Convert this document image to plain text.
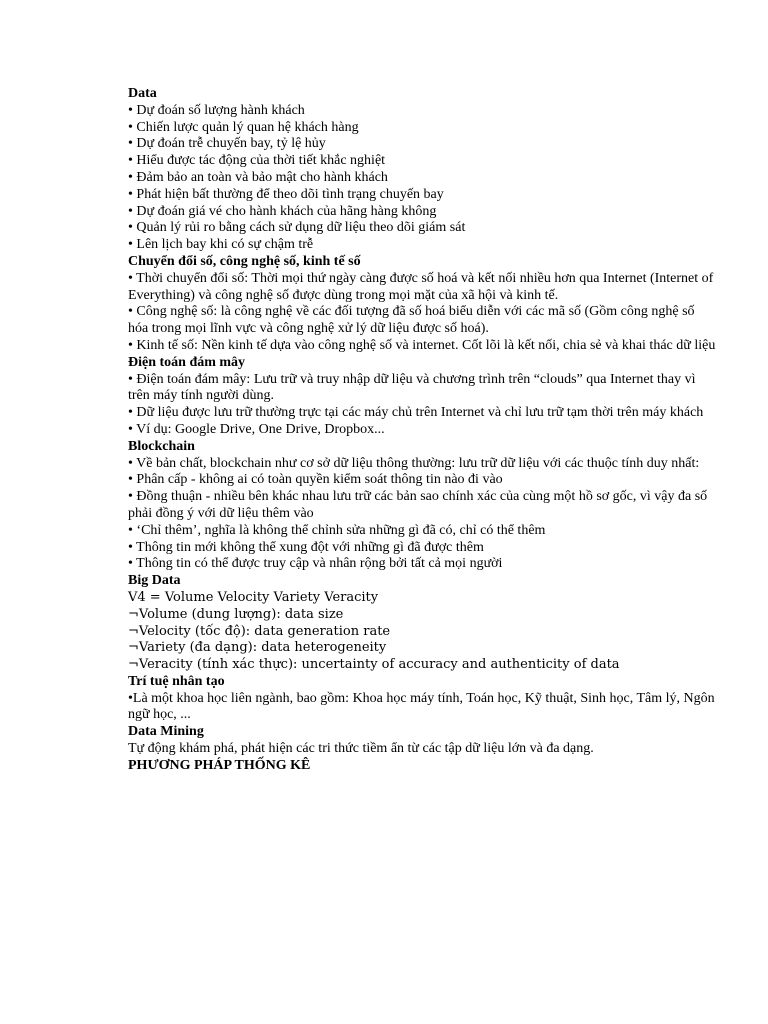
Data

• Dự đoán số lượng hành khách

• Chiến lược quản lý quan hệ khách hàng

• Dự đoán trễ chuyến bay, tỷ lệ hủy

• Hiểu được tác động của thời tiết khắc nghiệt

• Đảm bảo an toàn và bảo mật cho hành khách

• Phát hiện bất thường để theo dõi tình trạng chuyến bay

• Dự đoán giá vé cho hành khách của hãng hàng không

• Quản lý rủi ro bằng cách sử dụng dữ liệu theo dõi giám sát

• Lên lịch bay khi có sự chậm trễ

Chuyển đổi số, công nghệ số, kinh tế số

• Thời chuyển đổi số: Thời mọi thứ ngày càng được số hoá và kết nối nhiều hơn qua Internet (Internet of Everything) và công nghệ số được dùng trong mọi mặt của xã hội và kinh tế.

• Công nghệ số: là công nghệ về các đối tượng đã số hoá biểu diễn với các mã số (Gồm công nghệ số hóa trong mọi lĩnh vực và công nghệ xử lý dữ liệu được số hoá).

• Kinh tế số: Nền kinh tế dựa vào công nghệ số và internet. Cốt lõi là kết nối, chia sẻ và khai thác dữ liệu

Điện toán đám mây

• Điện toán đám mây: Lưu trữ và truy nhập dữ liệu và chương trình trên “clouds” qua Internet thay vì trên máy tính người dùng.

• Dữ liệu được lưu trữ thường trực tại các máy chủ trên Internet và chỉ lưu trữ tạm thời trên máy khách

• Ví dụ: Google Drive, One Drive, Dropbox...

Blockchain

• Về bản chất, blockchain như cơ sở dữ liệu thông thường: lưu trữ dữ liệu với các thuộc tính duy nhất:

• Phân cấp - không ai có toàn quyền kiểm soát thông tin nào đi vào

• Đồng thuận - nhiều bên khác nhau lưu trữ các bản sao chính xác của cùng một hồ sơ gốc, vì vậy đa số phải đồng ý với dữ liệu thêm vào

• ‘Chỉ thêm’, nghĩa là không thể chỉnh sửa những gì đã có, chỉ có thể thêm

• Thông tin mới không thể xung đột với những gì đã được thêm

• Thông tin có thể được truy cập và nhân rộng bởi tất cả mọi người

Big Data

V4 = Volume Velocity Variety Veracity

¬Volume (dung lượng): data size

¬Velocity (tốc độ): data generation rate

¬Variety (đa dạng): data heterogeneity

¬Veracity (tính xác thực): uncertainty of accuracy and authenticity of data

Trí tuệ nhân tạo

•Là một khoa học liên ngành, bao gồm: Khoa học máy tính, Toán học, Kỹ thuật, Sinh học, Tâm lý, Ngôn ngữ học, ...

Data Mining

Tự động khám phá, phát hiện các tri thức tiềm ẩn từ các tập dữ liệu lớn và đa dạng.

PHƯƠNG PHÁP THỐNG KÊ
